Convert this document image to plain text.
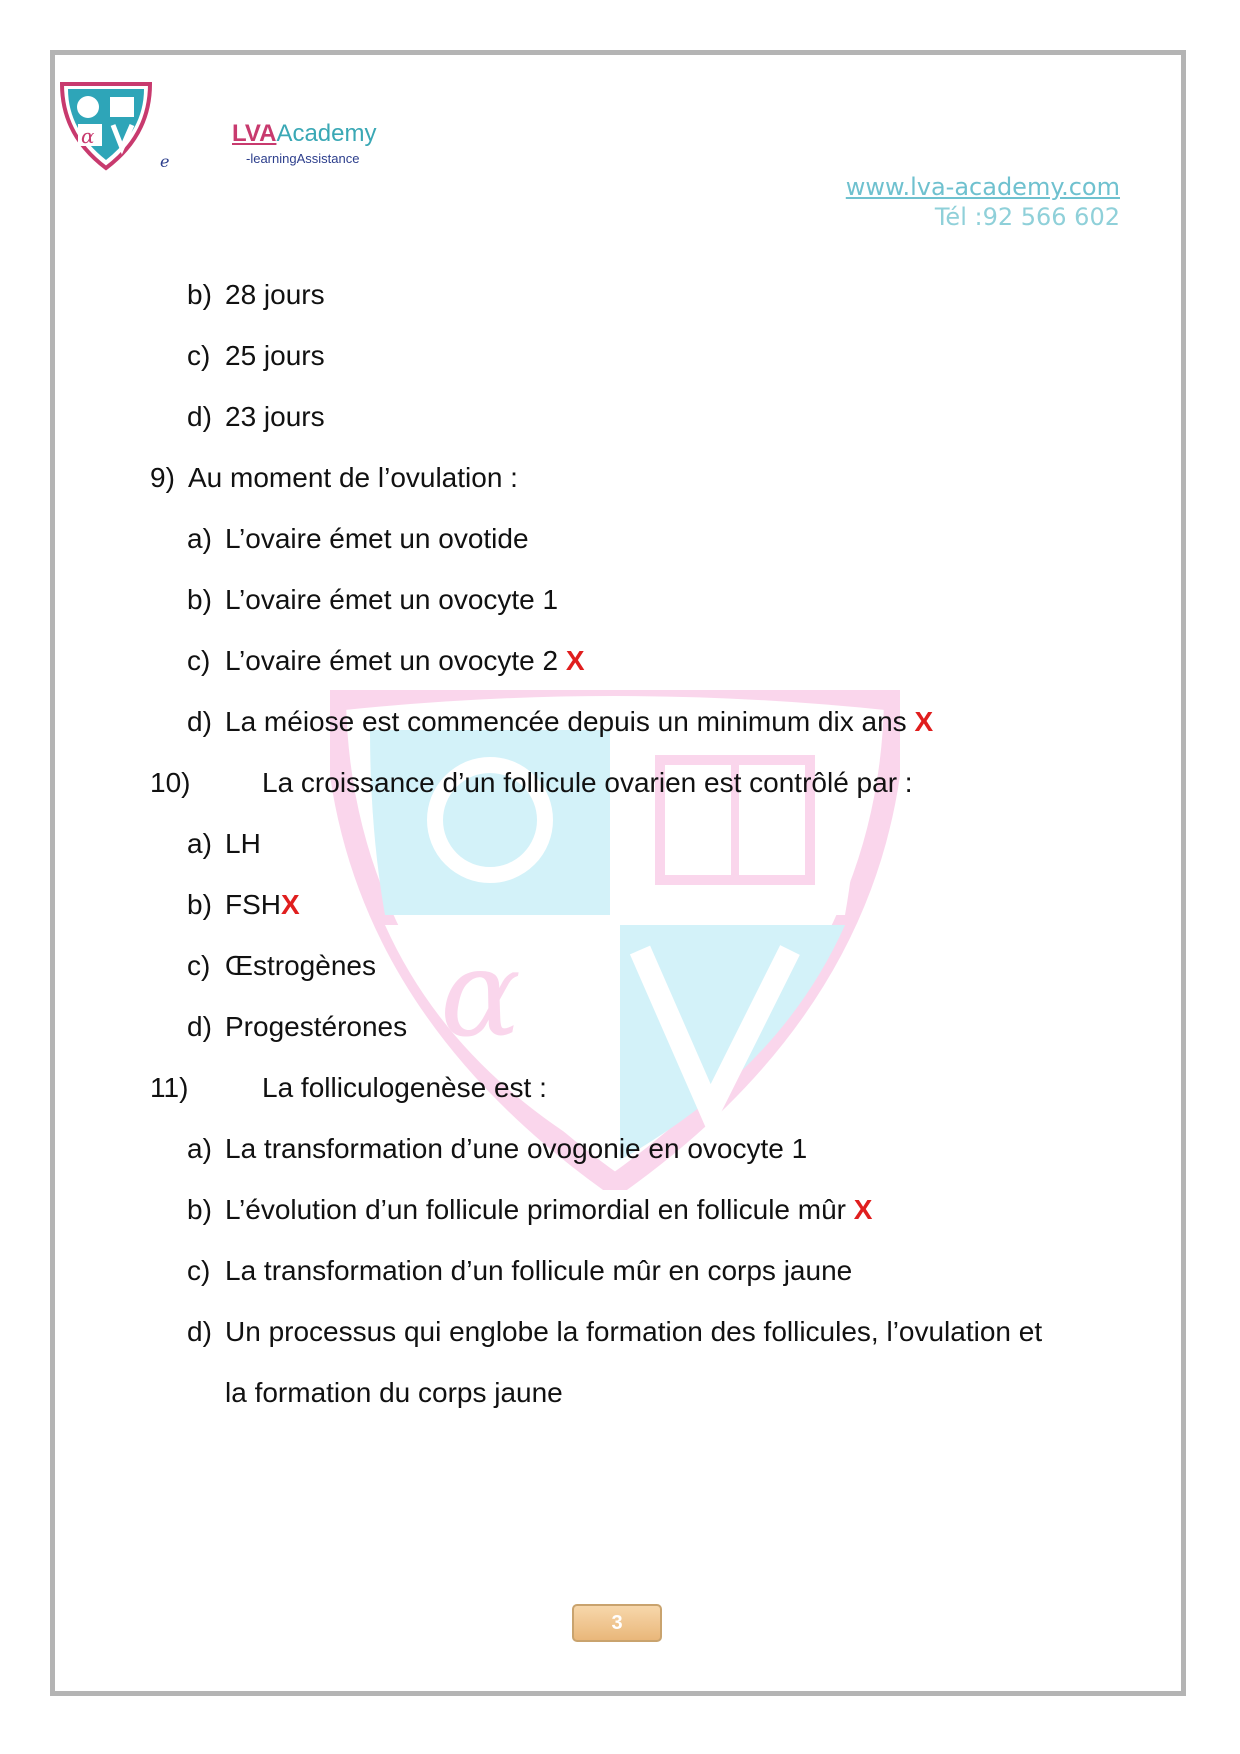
α
α
e
LVAAcademy
-learningAssistance
www.lva-academy.com
Tél :92 566 602
b) 28 jours
c) 25 jours
d) 23 jours
9) Au moment de l’ovulation :
a) L’ovaire émet un ovotide
b) L’ovaire émet un ovocyte 1
c) L’ovaire émet un ovocyte 2 X
d) La méiose est commencée depuis un minimum dix ans X
10)	La croissance d’un follicule ovarien est contrôlé par :
a) LH
b) FSHX
c) Œstrogènes
d) Progestérones
11)	La folliculogenèse est :
a) La transformation d’une ovogonie en ovocyte 1
b) L’évolution d’un follicule primordial en follicule mûr X
c) La transformation d’un follicule mûr en corps jaune
d) Un processus qui englobe la formation des follicules, l’ovulation et
la formation du corps jaune
3
